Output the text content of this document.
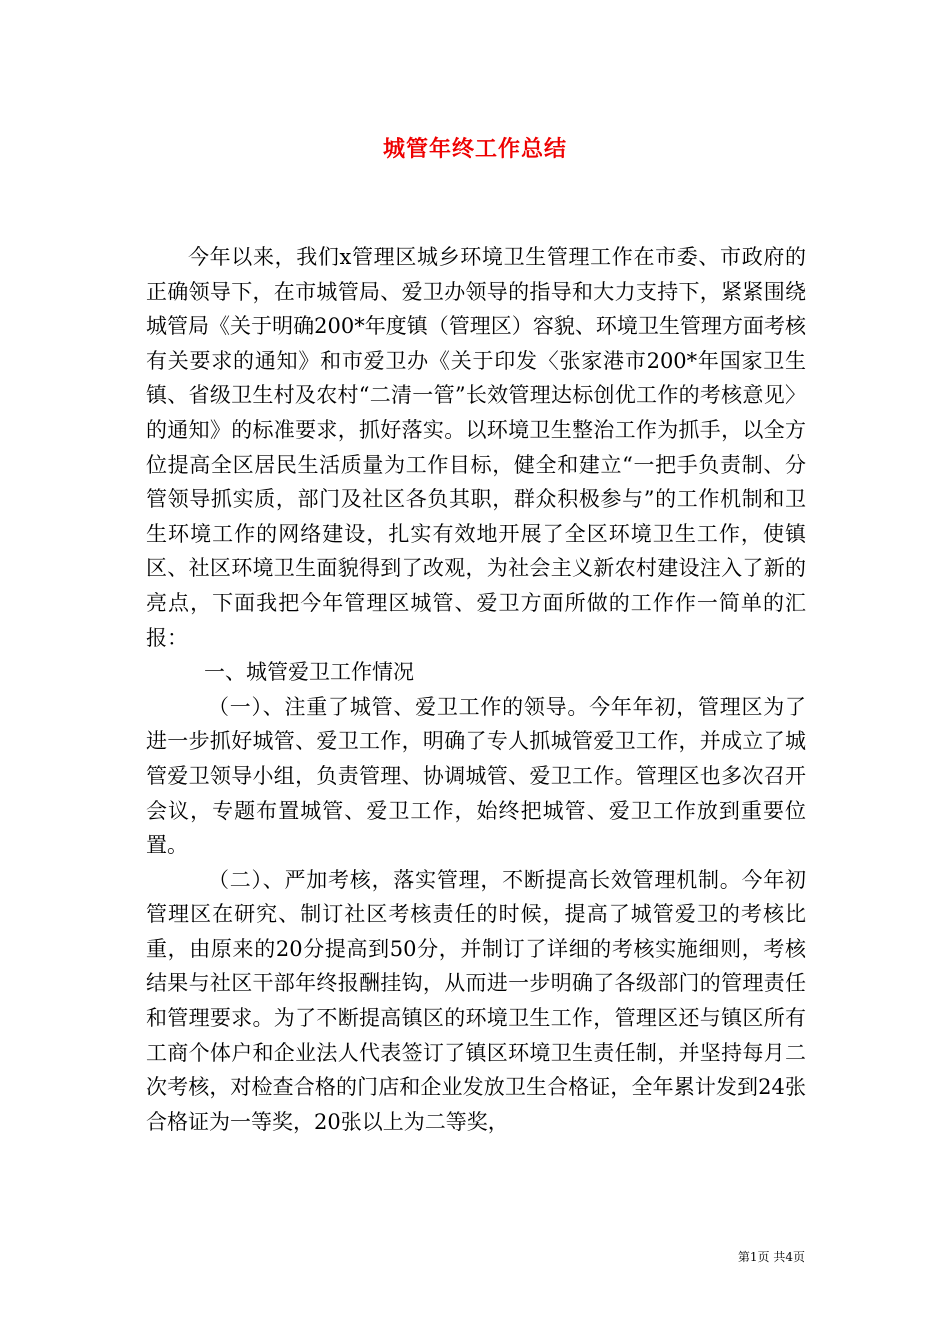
城管年终工作总结

今年以来，我们x管理区城乡环境卫生管理工作在市委、市政府的正确领导下，在市城管局、爱卫办领导的指导和大力支持下，紧紧围绕城管局《关于明确200*年度镇（管理区）容貌、环境卫生管理方面考核有关要求的通知》和市爱卫办《关于印发〈张家港市200*年国家卫生镇、省级卫生村及农村“二清一管”长效管理达标创优工作的考核意见〉的通知》的标准要求，抓好落实。以环境卫生整治工作为抓手，以全方位提高全区居民生活质量为工作目标，健全和建立“一把手负责制、分管领导抓实质，部门及社区各负其职，群众积极参与”的工作机制和卫生环境工作的网络建设，扎实有效地开展了全区环境卫生工作，使镇区、社区环境卫生面貌得到了改观，为社会主义新农村建设注入了新的亮点，下面我把今年管理区城管、爱卫方面所做的工作作一简单的汇报：

一、城管爱卫工作情况

（一）、注重了城管、爱卫工作的领导。今年年初，管理区为了进一步抓好城管、爱卫工作，明确了专人抓城管爱卫工作，并成立了城管爱卫领导小组，负责管理、协调城管、爱卫工作。管理区也多次召开会议，专题布置城管、爱卫工作，始终把城管、爱卫工作放到重要位置。

（二）、严加考核，落实管理，不断提高长效管理机制。今年初管理区在研究、制订社区考核责任的时候，提高了城管爱卫的考核比重，由原来的20分提高到50分，并制订了详细的考核实施细则，考核结果与社区干部年终报酬挂钩，从而进一步明确了各级部门的管理责任和管理要求。为了不断提高镇区的环境卫生工作，管理区还与镇区所有工商个体户和企业法人代表签订了镇区环境卫生责任制，并坚持每月二次考核，对检查合格的门店和企业发放卫生合格证，全年累计发到24张合格证为一等奖，20张以上为二等奖，

第1页 共4页
